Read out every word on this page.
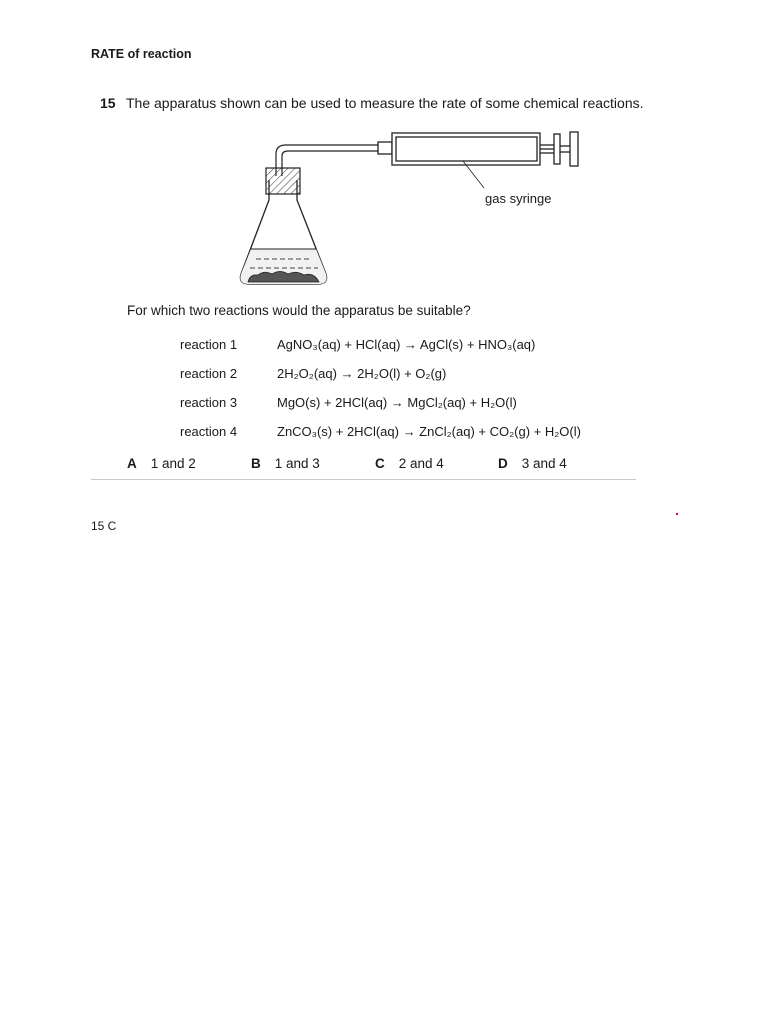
RATE of reaction
15 The apparatus shown can be used to measure the rate of some chemical reactions.
gas syringe
For which two reactions would the apparatus be suitable?
reaction 1	AgNO₃(aq) + HCl(aq) → AgCl(s) + HNO₃(aq)
reaction 2	2H₂O₂(aq) → 2H₂O(l) + O₂(g)
reaction 3	MgO(s) + 2HCl(aq) → MgCl₂(aq) + H₂O(l)
reaction 4	ZnCO₃(s) + 2HCl(aq) → ZnCl₂(aq) + CO₂(g) + H₂O(l)
A 1 and 2	B 1 and 3	C 2 and 4	D 3 and 4
15 C
